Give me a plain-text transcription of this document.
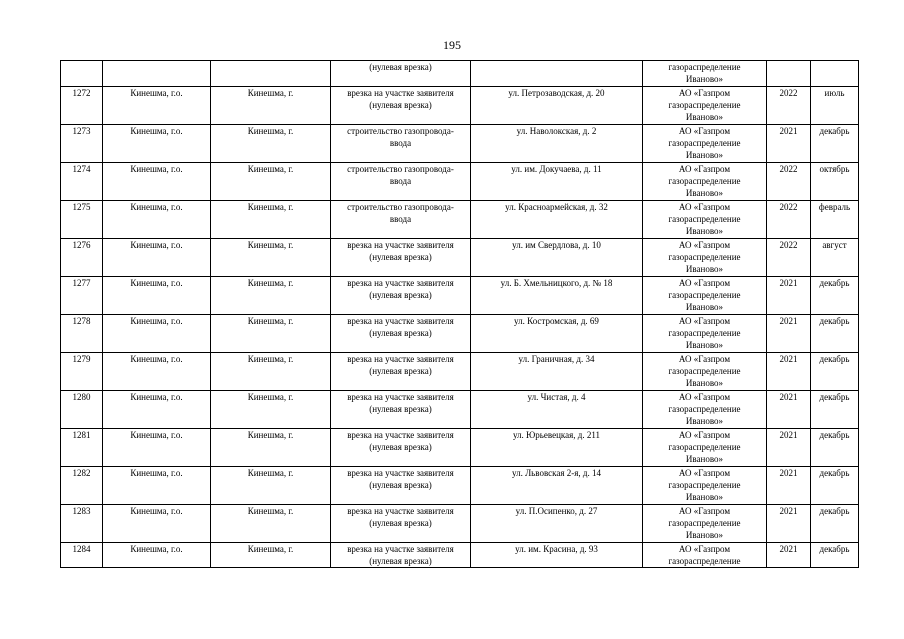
195

			(нулевая врезка)		газораспределение
Иваново»		

1272	Кинешма, г.о.	Кинешма, г.	врезка на участке заявителя
(нулевая врезка)	ул. Петрозаводская, д. 20	АО «Газпром
газораспределение
Иваново»	2022	июль

1273	Кинешма, г.о.	Кинешма, г.	строительство газопровода-
ввода	ул. Наволокская, д. 2	АО «Газпром
газораспределение
Иваново»	2021	декабрь

1274	Кинешма, г.о.	Кинешма, г.	строительство газопровода-
ввода	ул. им. Докучаева, д. 11	АО «Газпром
газораспределение
Иваново»	2022	октябрь

1275	Кинешма, г.о.	Кинешма, г.	строительство газопровода-
ввода	ул. Красноармейская, д. 32	АО «Газпром
газораспределение
Иваново»	2022	февраль

1276	Кинешма, г.о.	Кинешма, г.	врезка на участке заявителя
(нулевая врезка)	ул. им Свердлова, д. 10	АО «Газпром
газораспределение
Иваново»	2022	август

1277	Кинешма, г.о.	Кинешма, г.	врезка на участке заявителя
(нулевая врезка)	ул. Б. Хмельницкого, д. № 18	АО «Газпром
газораспределение
Иваново»	2021	декабрь

1278	Кинешма, г.о.	Кинешма, г.	врезка на участке заявителя
(нулевая врезка)	ул. Костромская, д. 69	АО «Газпром
газораспределение
Иваново»	2021	декабрь

1279	Кинешма, г.о.	Кинешма, г.	врезка на участке заявителя
(нулевая врезка)	ул. Граничная, д. 34	АО «Газпром
газораспределение
Иваново»	2021	декабрь

1280	Кинешма, г.о.	Кинешма, г.	врезка на участке заявителя
(нулевая врезка)	ул. Чистая, д. 4	АО «Газпром
газораспределение
Иваново»	2021	декабрь

1281	Кинешма, г.о.	Кинешма, г.	врезка на участке заявителя
(нулевая врезка)	ул. Юрьевецкая, д. 211	АО «Газпром
газораспределение
Иваново»	2021	декабрь

1282	Кинешма, г.о.	Кинешма, г.	врезка на участке заявителя
(нулевая врезка)	ул. Львовская 2-я, д. 14	АО «Газпром
газораспределение
Иваново»	2021	декабрь

1283	Кинешма, г.о.	Кинешма, г.	врезка на участке заявителя
(нулевая врезка)	ул. П.Осипенко, д. 27	АО «Газпром
газораспределение
Иваново»	2021	декабрь

1284	Кинешма, г.о.	Кинешма, г.	врезка на участке заявителя
(нулевая врезка)	ул. им. Красина, д. 93	АО «Газпром
газораспределение	2021	декабрь
